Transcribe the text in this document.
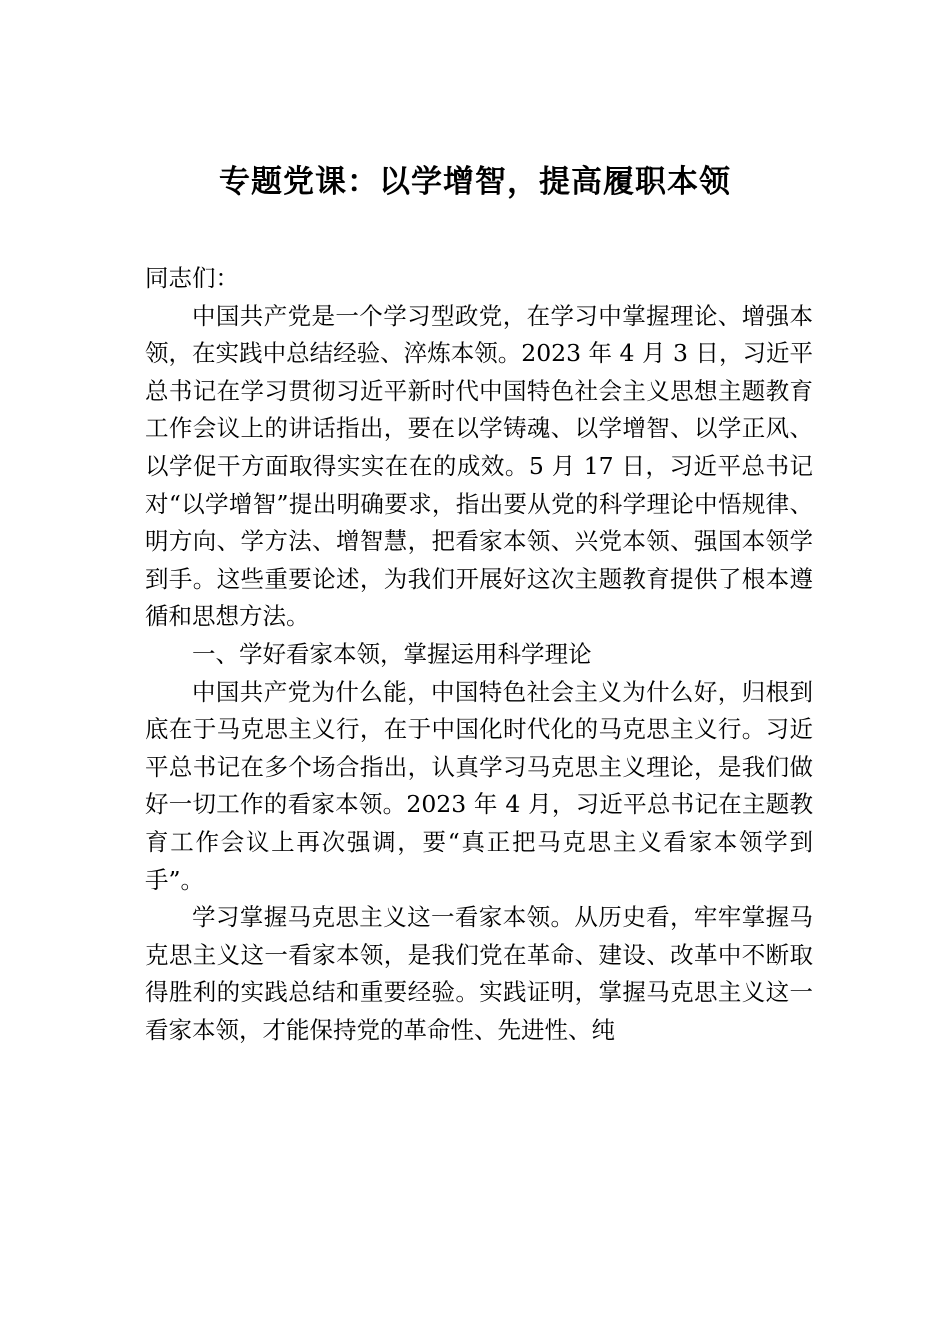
专题党课：以学增智，提高履职本领

同志们：

中国共产党是一个学习型政党，在学习中掌握理论、增强本领，在实践中总结经验、淬炼本领。2023 年 4 月 3 日，习近平总书记在学习贯彻习近平新时代中国特色社会主义思想主题教育工作会议上的讲话指出，要在以学铸魂、以学增智、以学正风、以学促干方面取得实实在在的成效。5 月 17 日，习近平总书记对“以学增智”提出明确要求，指出要从党的科学理论中悟规律、明方向、学方法、增智慧，把看家本领、兴党本领、强国本领学到手。这些重要论述，为我们开展好这次主题教育提供了根本遵循和思想方法。

一、学好看家本领，掌握运用科学理论

中国共产党为什么能，中国特色社会主义为什么好，归根到底在于马克思主义行，在于中国化时代化的马克思主义行。习近平总书记在多个场合指出，认真学习马克思主义理论，是我们做好一切工作的看家本领。2023 年 4 月，习近平总书记在主题教育工作会议上再次强调，要“真正把马克思主义看家本领学到手”。

学习掌握马克思主义这一看家本领。从历史看，牢牢掌握马克思主义这一看家本领，是我们党在革命、建设、改革中不断取得胜利的实践总结和重要经验。实践证明，掌握马克思主义这一看家本领，才能保持党的革命性、先进性、纯
